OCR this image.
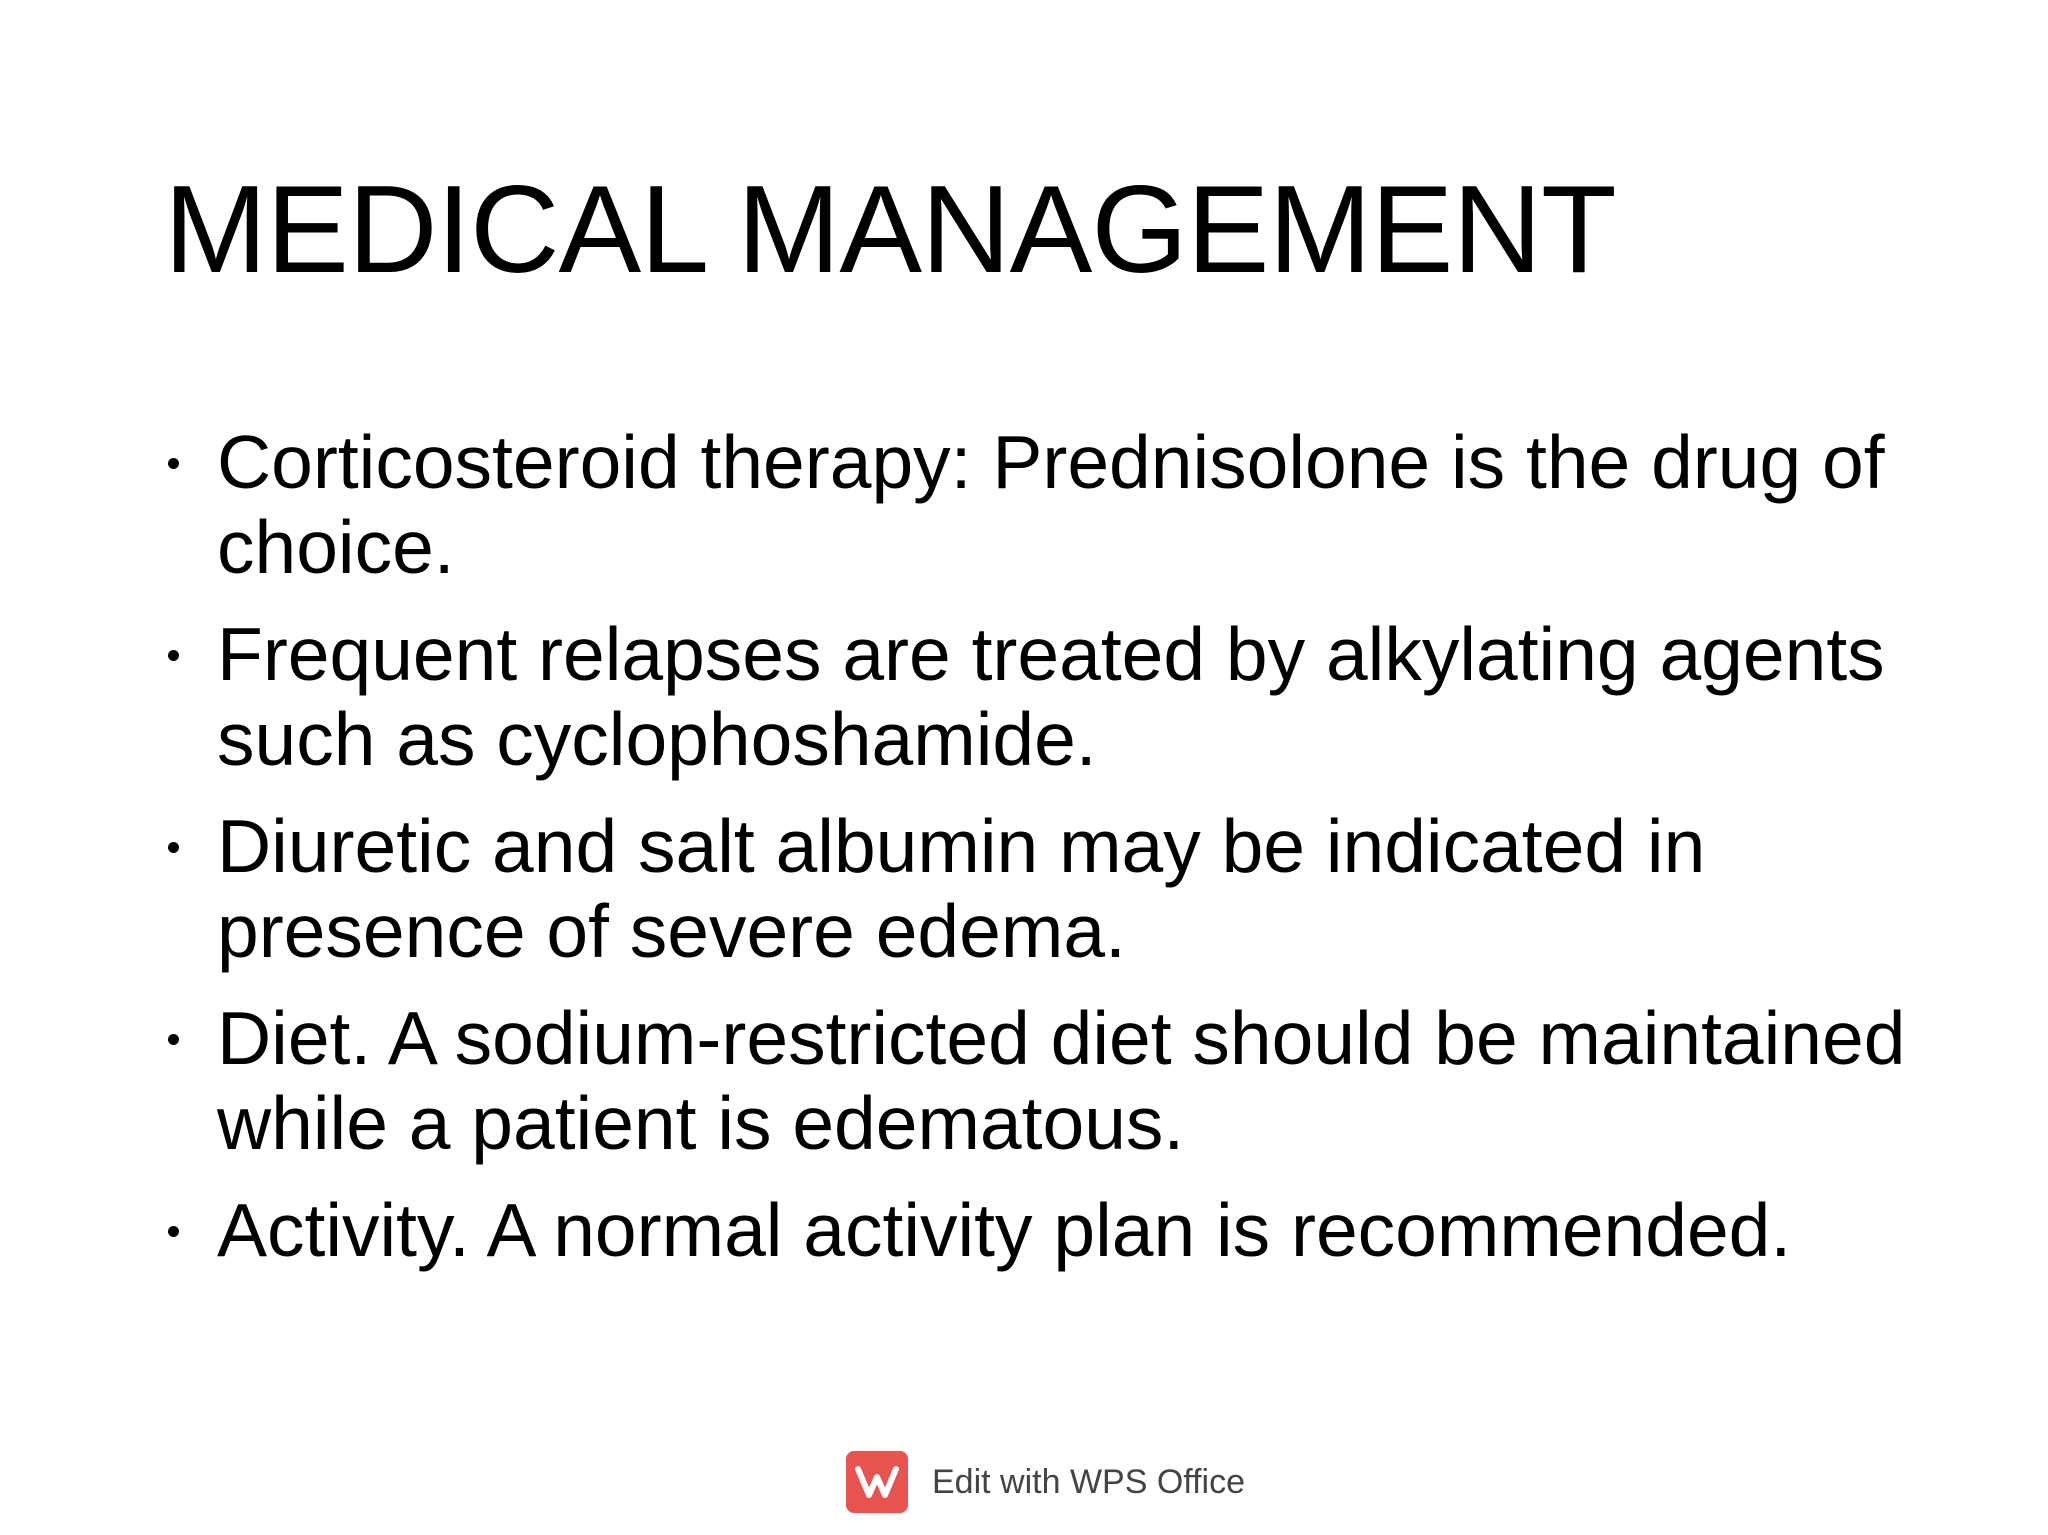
MEDICAL MANAGEMENT
Corticosteroid therapy: Prednisolone is the drug of choice.
Frequent relapses are treated by alkylating agents such as cyclophoshamide.
Diuretic and salt albumin may be indicated in presence of severe edema.
Diet. A sodium-restricted diet should be maintained while a patient is edematous.
Activity. A normal activity plan is recommended.
Edit with WPS Office
